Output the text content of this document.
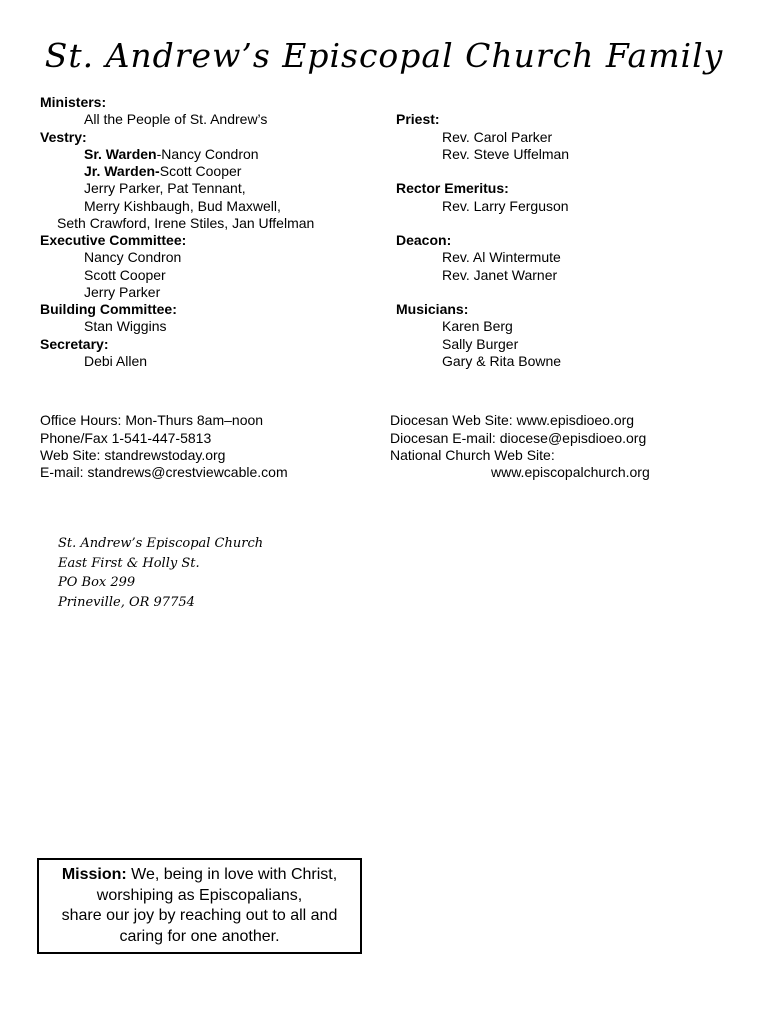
St. Andrew’s Episcopal Church Family
Ministers:
All the People of St. Andrew’s
Vestry:
Sr. Warden-Nancy Condron
Jr. Warden-Scott Cooper
Jerry Parker, Pat Tennant,
Merry Kishbaugh, Bud Maxwell,
Seth Crawford, Irene Stiles, Jan Uffelman
Executive Committee:
Nancy Condron
Scott Cooper
Jerry Parker
Building Committee:
Stan Wiggins
Secretary:
Debi Allen
Priest:
Rev. Carol Parker
Rev. Steve Uffelman
Rector Emeritus:
Rev. Larry Ferguson
Deacon:
Rev. Al Wintermute
Rev. Janet Warner
Musicians:
Karen Berg
Sally Burger
Gary & Rita Bowne
Office Hours: Mon-Thurs 8am–noon
Phone/Fax 1-541-447-5813
Web Site: standrewstoday.org
E-mail: standrews@crestviewcable.com
Diocesan Web Site: www.episdioeo.org
Diocesan E-mail: diocese@episdioeo.org
National Church Web Site:
www.episcopalchurch.org
St. Andrew’s Episcopal Church
East First & Holly St.
PO Box 299
Prineville, OR 97754
Mission: We, being in love with Christ,
worshiping as Episcopalians,
share our joy by reaching out to all and
caring for one another.
